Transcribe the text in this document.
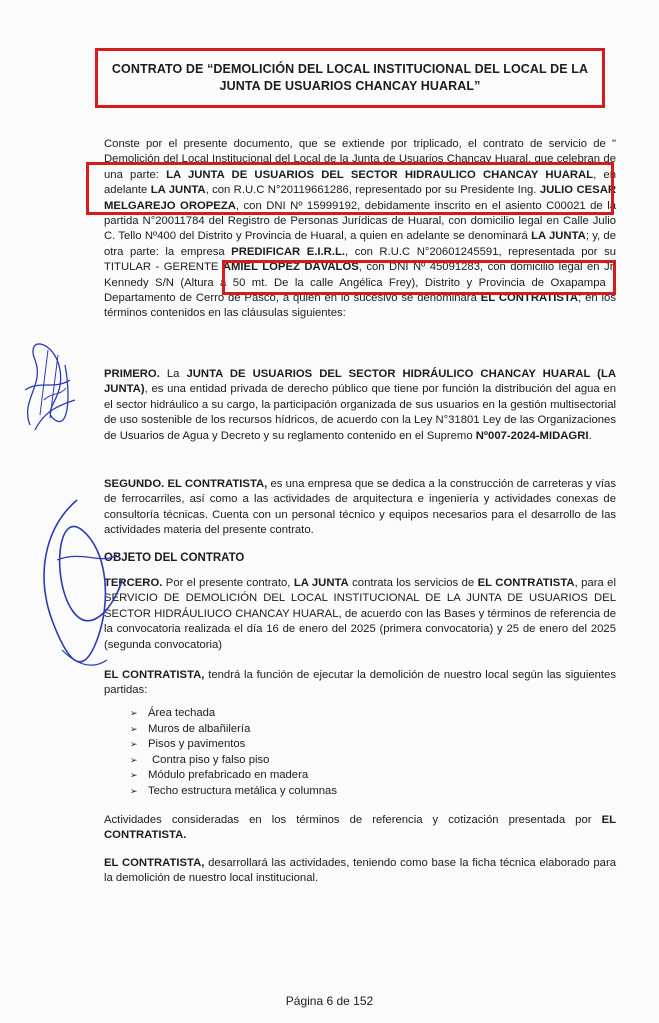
CONTRATO DE “DEMOLICIÓN DEL LOCAL INSTITUCIONAL DEL LOCAL DE LA JUNTA DE USUARIOS CHANCAY HUARAL”

Conste por el presente documento, que se extiende por triplicado, el contrato de servicio de " Demolición del Local Institucional del Local de la Junta de Usuarios Chancay Huaral, que celebran de una parte: LA JUNTA DE USUARIOS DEL SECTOR HIDRAULICO CHANCAY HUARAL, en adelante LA JUNTA, con R.U.C N°20119661286, representado por su Presidente Ing. JULIO CESAR MELGAREJO OROPEZA, con DNI Nº 15999192, debidamente inscrito en el asiento C00021 de la partida N°20011784 del Registro de Personas Jurídicas de Huaral, con domicilio legal en Calle Julio C. Tello Nº400 del Distrito y Provincia de Huaral, a quien en adelante se denominará LA JUNTA; y, de otra parte: la empresa PREDIFICAR E.I.R.L., con R.U.C N°20601245591, representada por su TITULAR - GERENTE AMIEL LÓPEZ DÁVALOS, con DNI Nº 45091283, con domicilio legal en Jr. Kennedy S/N (Altura a 50 mt. De la calle Angélica Frey), Distrito y Provincia de Oxapampa - Departamento de Cerro de Pasco, a quien en lo sucesivo se denominará EL CONTRATISTA; en los términos contenidos en las cláusulas siguientes:

PRIMERO. La JUNTA DE USUARIOS DEL SECTOR HIDRÁULICO CHANCAY HUARAL (LA JUNTA), es una entidad privada de derecho público que tiene por función la distribución del agua en el sector hidráulico a su cargo, la participación organizada de sus usuarios en la gestión multisectorial de uso sostenible de los recursos hídricos, de acuerdo con la Ley N°31801 Ley de las Organizaciones de Usuarios de Agua y Decreto y su reglamento contenido en el Supremo Nº007-2024-MIDAGRI.

SEGUNDO. EL CONTRATISTA, es una empresa que se dedica a la construcción de carreteras y vías de ferrocarriles, así como a las actividades de arquitectura e ingeniería y actividades conexas de consultoría técnicas. Cuenta con un personal técnico y equipos necesarios para el desarrollo de las actividades materia del presente contrato.

OBJETO DEL CONTRATO

TERCERO. Por el presente contrato, LA JUNTA contrata los servicios de EL CONTRATISTA, para el SERVICIO DE DEMOLICIÓN DEL LOCAL INSTITUCIONAL DE LA JUNTA DE USUARIOS DEL SECTOR HIDRÁULIUCO CHANCAY HUARAL, de acuerdo con las Bases y términos de referencia de la convocatoria realizada el día 16 de enero del 2025 (primera convocatoria) y 25 de enero del 2025 (segunda convocatoria)

EL CONTRATISTA, tendrá la función de ejecutar la demolición de nuestro local según las siguientes partidas:

➢ Área techada
➢ Muros de albañilería
➢ Pisos y pavimentos
➢ Contra piso y falso piso
➢ Módulo prefabricado en madera
➢ Techo estructura metálica y columnas

Actividades consideradas en los términos de referencia y cotización presentada por EL CONTRATISTA.

EL CONTRATISTA, desarrollará las actividades, teniendo como base la ficha técnica elaborado para la demolición de nuestro local institucional.

Página 6 de 152
